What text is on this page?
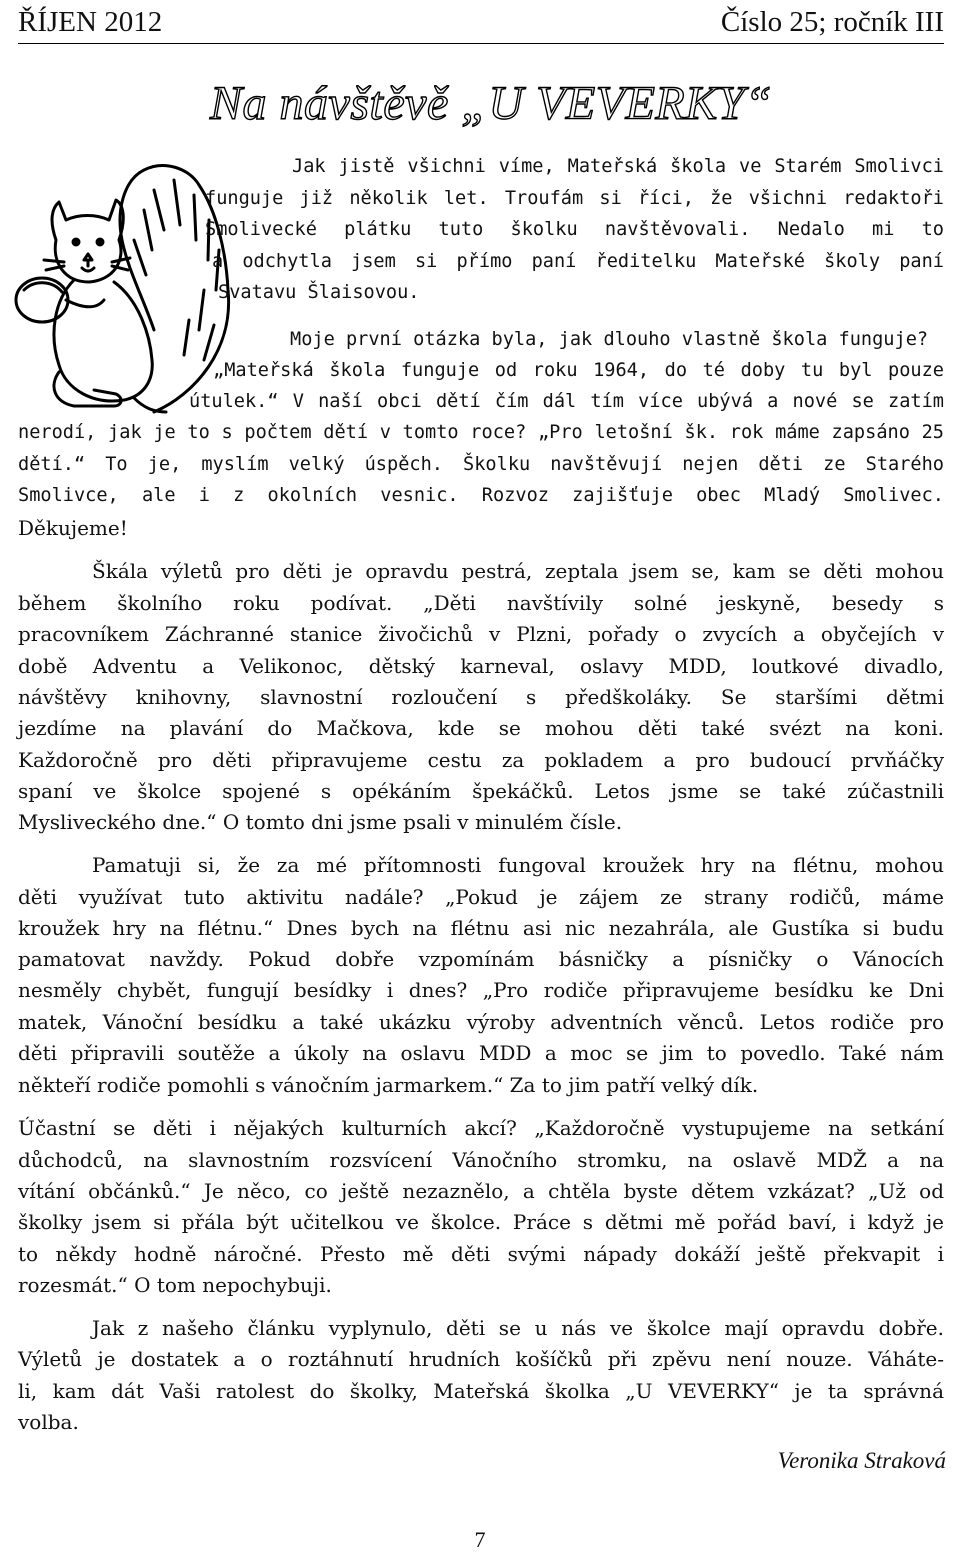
ŘÍJEN 2012	Číslo 25; ročník III
Na návštěvě „U VEVERKY“
Jak jistě všichni víme, Mateřská škola ve Starém Smolivci
funguje již několik let. Troufám si říci, že všichni redaktoři
Smolivecké plátku tuto školku navštěvovali. Nedalo mi to
a odchytla jsem si přímo paní ředitelku Mateřské školy paní
Svatavu Šlaisovou.
Moje první otázka byla, jak dlouho vlastně škola funguje?
„Mateřská škola funguje od roku 1964, do té doby tu byl pouze
útulek.“ V naší obci dětí čím dál tím více ubývá a nové se zatím
nerodí, jak je to s počtem dětí v tomto roce? „Pro letošní šk. rok máme zapsáno 25
dětí.“ To je, myslím velký úspěch. Školku navštěvují nejen děti ze Starého
Smolivce, ale i z okolních vesnic. Rozvoz zajišťuje obec Mladý Smolivec.
Děkujeme!
Škála výletů pro děti je opravdu pestrá, zeptala jsem se, kam se děti mohou
během školního roku podívat. „Děti navštívily solné jeskyně, besedy s
pracovníkem Záchranné stanice živočichů v Plzni, pořady o zvycích a obyčejích v
době Adventu a Velikonoc, dětský karneval, oslavy MDD, loutkové divadlo,
návštěvy knihovny, slavnostní rozloučení s předškoláky. Se staršími dětmi
jezdíme na plavání do Mačkova, kde se mohou děti také svézt na koni.
Každoročně pro děti připravujeme cestu za pokladem a pro budoucí prvňáčky
spaní ve školce spojené s opékáním špekáčků. Letos jsme se také zúčastnili
Mysliveckého dne.“ O tomto dni jsme psali v minulém čísle.
Pamatuji si, že za mé přítomnosti fungoval kroužek hry na flétnu, mohou
děti využívat tuto aktivitu nadále? „Pokud je zájem ze strany rodičů, máme
kroužek hry na flétnu.“ Dnes bych na flétnu asi nic nezahrála, ale Gustíka si budu
pamatovat navždy. Pokud dobře vzpomínám básničky a písničky o Vánocích
nesměly chybět, fungují besídky i dnes? „Pro rodiče připravujeme besídku ke Dni
matek, Vánoční besídku a také ukázku výroby adventních věnců. Letos rodiče pro
děti připravili soutěže a úkoly na oslavu MDD a moc se jim to povedlo. Také nám
někteří rodiče pomohli s vánočním jarmarkem.“ Za to jim patří velký dík.
Účastní se děti i nějakých kulturních akcí? „Každoročně vystupujeme na setkání
důchodců, na slavnostním rozsvícení Vánočního stromku, na oslavě MDŽ a na
vítání občánků.“ Je něco, co ještě nezaznělo, a chtěla byste dětem vzkázat? „Už od
školky jsem si přála být učitelkou ve školce. Práce s dětmi mě pořád baví, i když je
to někdy hodně náročné. Přesto mě děti svými nápady dokáží ještě překvapit i
rozesmát.“ O tom nepochybuji.
Jak z našeho článku vyplynulo, děti se u nás ve školce mají opravdu dobře.
Výletů je dostatek a o roztáhnutí hrudních košíčků při zpěvu není nouze. Váháte-
li, kam dát Vaši ratolest do školky, Mateřská školka „U VEVERKY“ je ta správná
volba.
Veronika Straková
7
